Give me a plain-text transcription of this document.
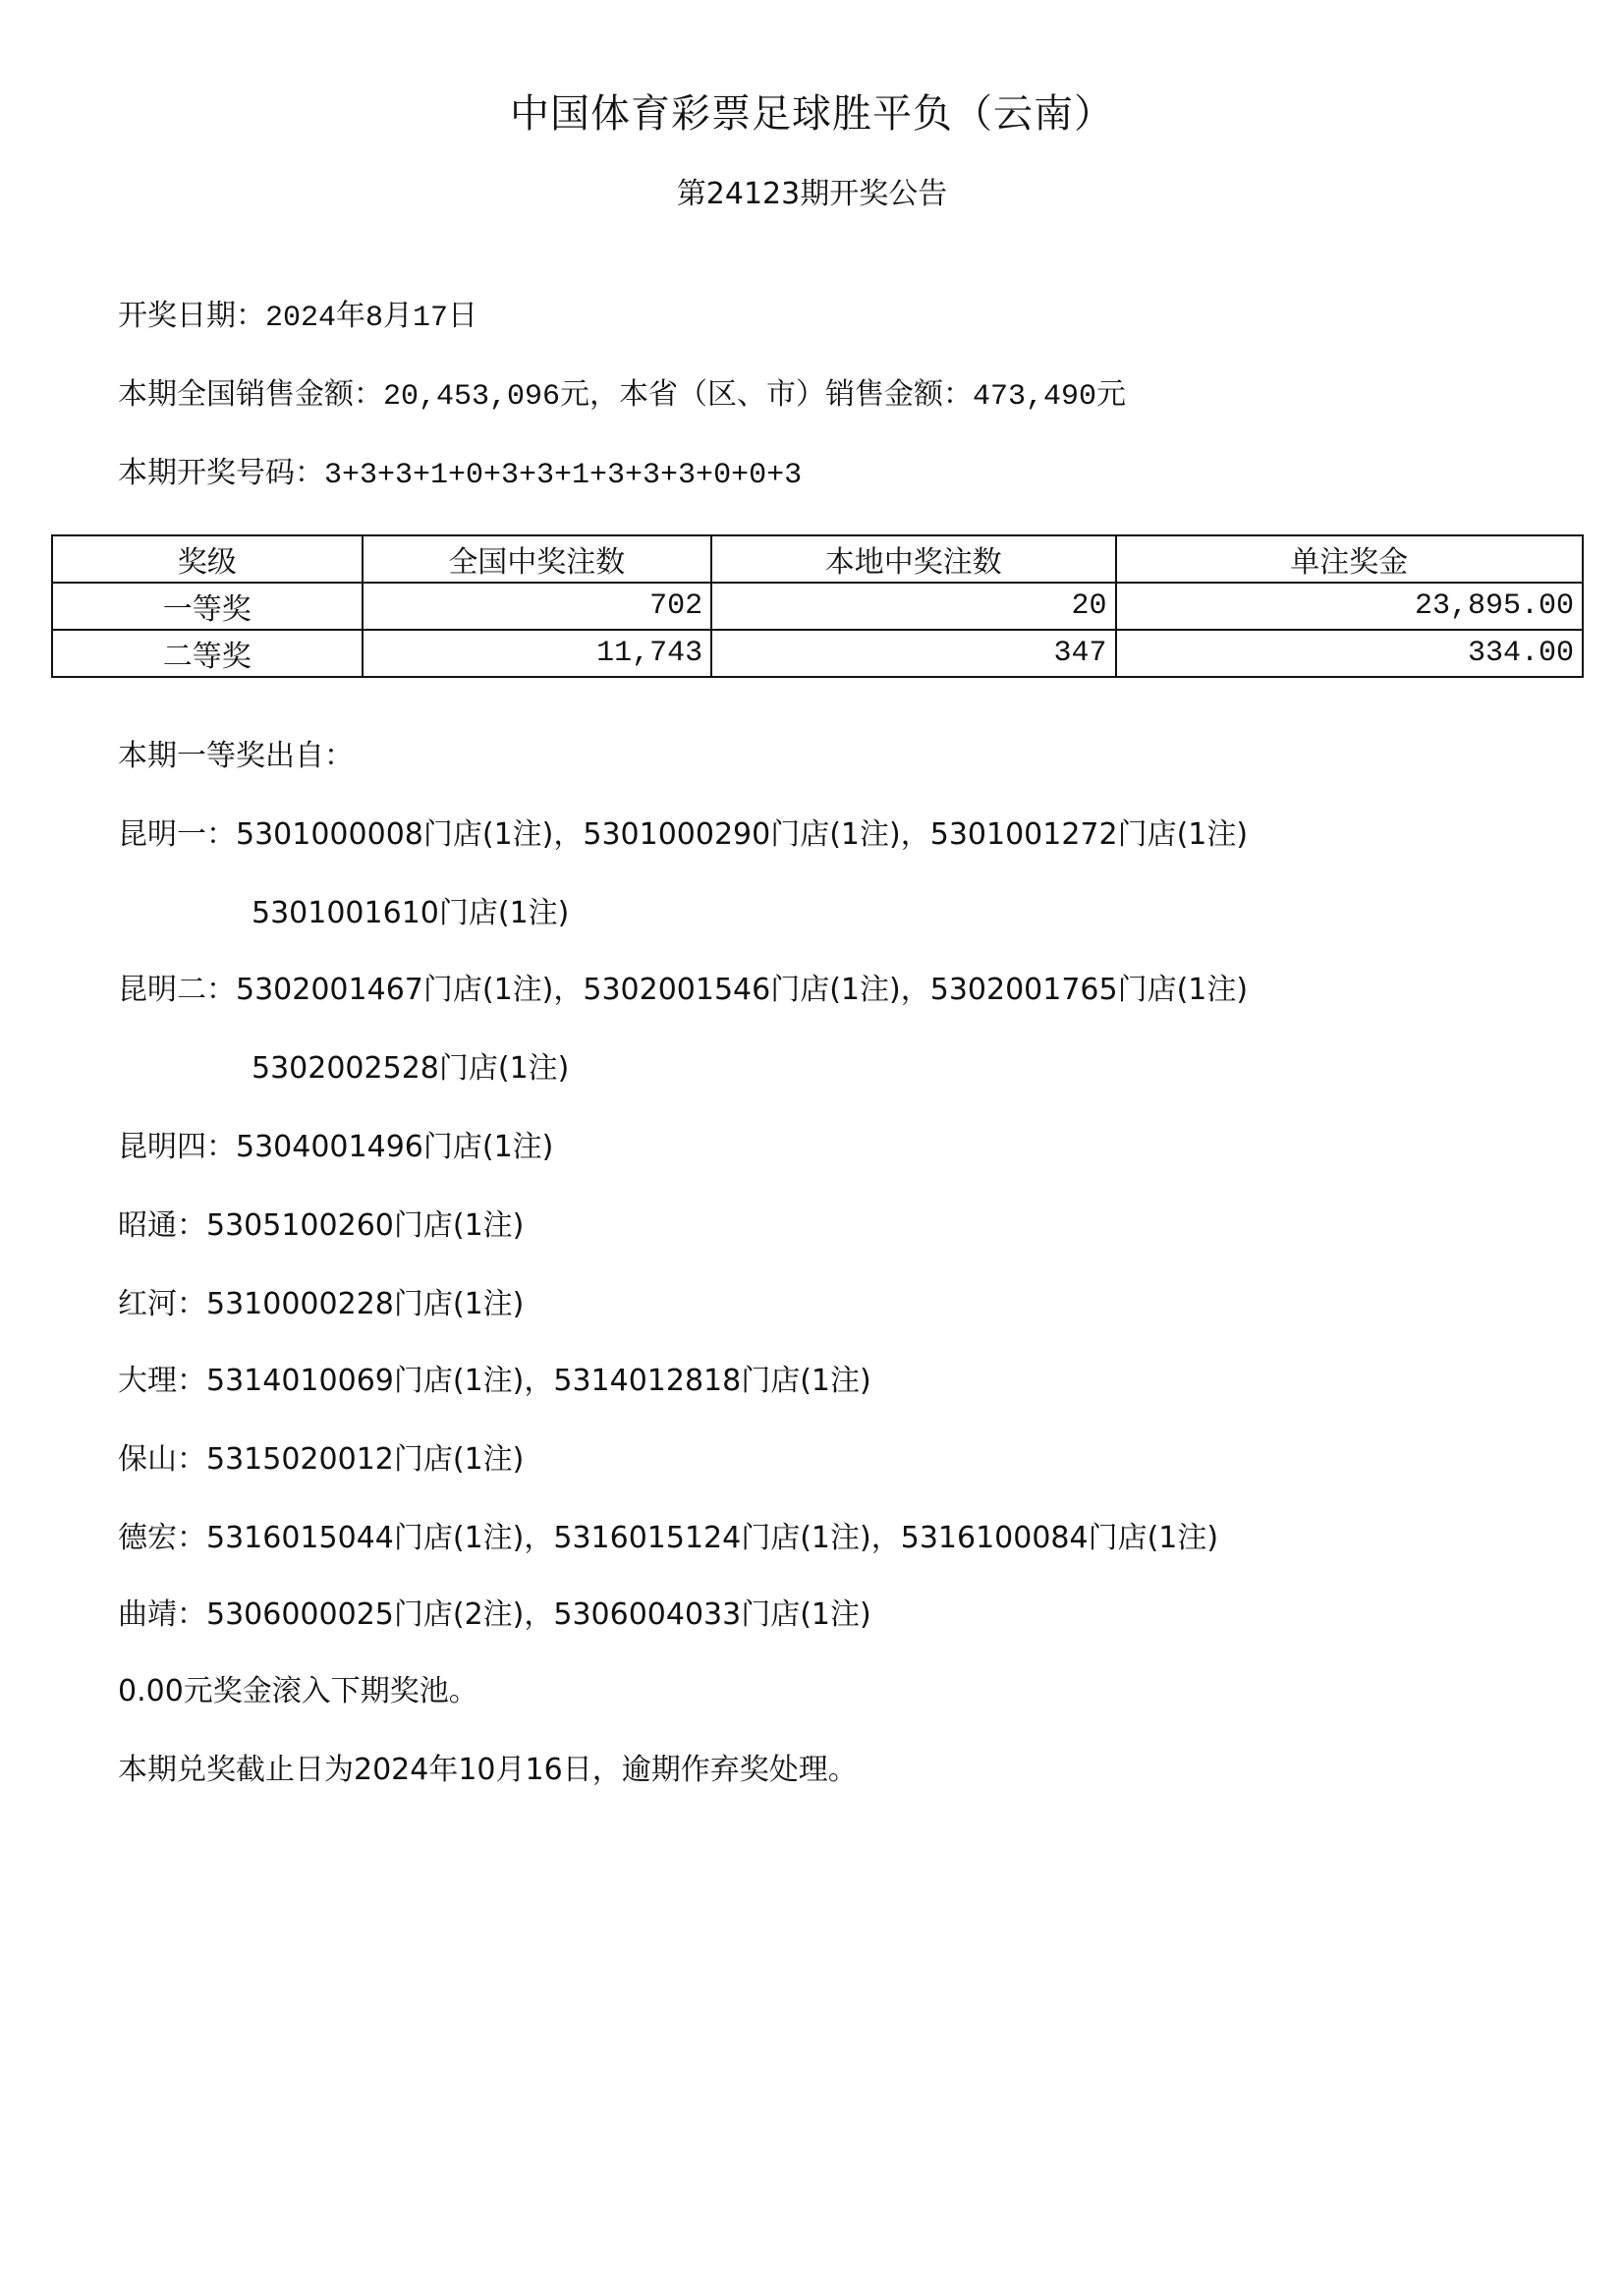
中国体育彩票足球胜平负（云南）
第24123期开奖公告
开奖日期：2024年8月17日
本期全国销售金额：20,453,096元，本省（区、市）销售金额：473,490元
本期开奖号码：3+3+3+1+0+3+3+1+3+3+3+0+0+3
奖级	全国中奖注数	本地中奖注数	单注奖金
一等奖	702	20	23,895.00
二等奖	11,743	347	334.00
本期一等奖出自：
昆明一：5301000008门店(1注)，5301000290门店(1注)，5301001272门店(1注)
5301001610门店(1注)
昆明二：5302001467门店(1注)，5302001546门店(1注)，5302001765门店(1注)
5302002528门店(1注)
昆明四：5304001496门店(1注)
昭通：5305100260门店(1注)
红河：5310000228门店(1注)
大理：5314010069门店(1注)，5314012818门店(1注)
保山：5315020012门店(1注)
德宏：5316015044门店(1注)，5316015124门店(1注)，5316100084门店(1注)
曲靖：5306000025门店(2注)，5306004033门店(1注)
0.00元奖金滚入下期奖池。
本期兑奖截止日为2024年10月16日，逾期作弃奖处理。
